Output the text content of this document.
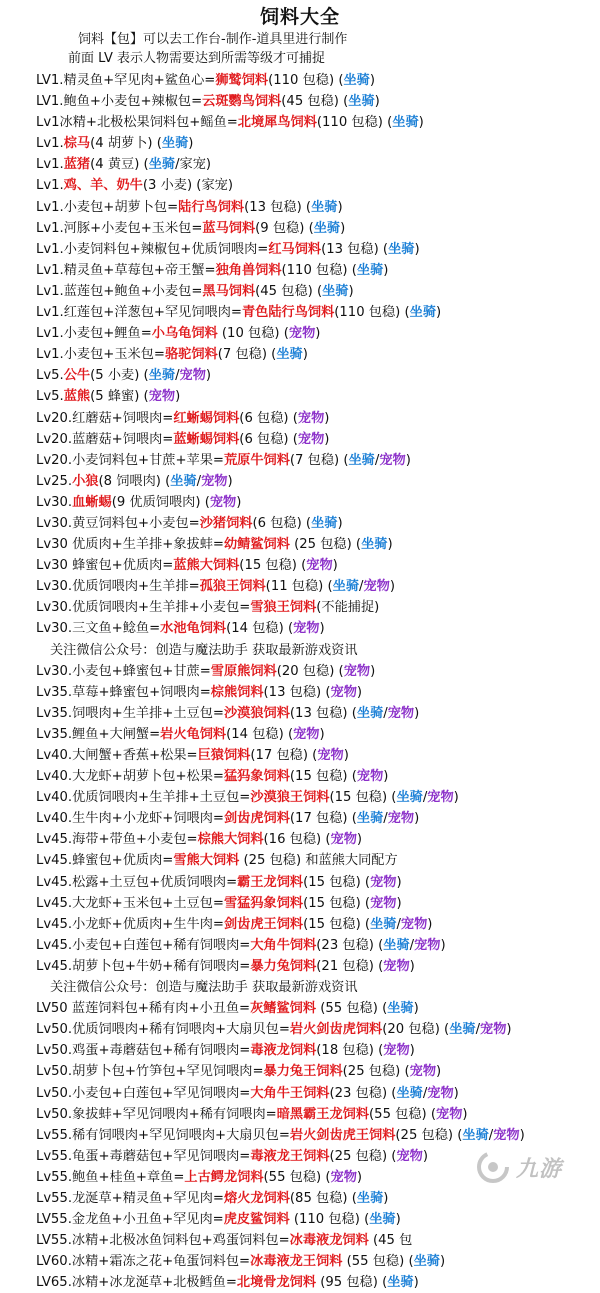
饲料大全
饲料【包】可以去工作台-制作-道具里进行制作
前面 LV 表示人物需要达到所需等级才可捕捉
LV1.精灵鱼+罕见肉+鲨鱼心=狮鹫饲料(110 包稳) (坐骑)
LV1.鲍鱼+小麦包+辣椒包=云斑鹦鸟饲料(45 包稳) (坐骑)
Lv1冰精+北极松果饲料包+鳐鱼=北境犀鸟饲料(110 包稳) (坐骑)
Lv1.棕马(4 胡萝卜) (坐骑)
Lv1.蓝猪(4 黄豆) (坐骑/家宠)
Lv1.鸡、羊、奶牛(3 小麦) (家宠)
Lv1.小麦包+胡萝卜包=陆行鸟饲料(13 包稳) (坐骑)
Lv1.河豚+小麦包+玉米包=蓝马饲料(9 包稳) (坐骑)
Lv1.小麦饲料包+辣椒包+优质饲喂肉=红马饲料(13 包稳) (坐骑)
Lv1.精灵鱼+草莓包+帝王蟹=独角兽饲料(110 包稳) (坐骑)
Lv1.蓝莲包+鲍鱼+小麦包=黑马饲料(45 包稳) (坐骑)
Lv1.红莲包+洋葱包+罕见饲喂肉=青色陆行鸟饲料(110 包稳) (坐骑)
Lv1.小麦包+鲤鱼=小乌龟饲料 (10 包稳) (宠物)
Lv1.小麦包+玉米包=骆驼饲料(7 包稳) (坐骑)
Lv5.公牛(5 小麦) (坐骑/宠物)
Lv5.蓝熊(5 蜂蜜) (宠物)
Lv20.红蘑菇+饲喂肉=红蜥蜴饲料(6 包稳) (宠物)
Lv20.蓝蘑菇+饲喂肉=蓝蜥蜴饲料(6 包稳) (宠物)
Lv20.小麦饲料包+甘蔗+苹果=荒原牛饲料(7 包稳) (坐骑/宠物)
Lv25.小狼(8 饲喂肉) (坐骑/宠物)
Lv30.血蜥蜴(9 优质饲喂肉) (宠物)
Lv30.黄豆饲料包+小麦包=沙猪饲料(6 包稳) (坐骑)
Lv30 优质肉+生羊排+象拔蚌=幼鲭鲨饲料 (25 包稳) (坐骑)
Lv30 蜂蜜包+优质肉=蓝熊大饲料(15 包稳) (宠物)
Lv30.优质饲喂肉+生羊排=孤狼王饲料(11 包稳) (坐骑/宠物)
Lv30.优质饲喂肉+生羊排+小麦包=雪狼王饲料(不能捕捉)
Lv30.三文鱼+鲶鱼=水池龟饲料(14 包稳) (宠物)
关注微信公众号：创造与魔法助手 获取最新游戏资讯
Lv30.小麦包+蜂蜜包+甘蔗=雪原熊饲料(20 包稳) (宠物)
Lv35.草莓+蜂蜜包+饲喂肉=棕熊饲料(13 包稳) (宠物)
Lv35.饲喂肉+生羊排+土豆包=沙漠狼饲料(13 包稳) (坐骑/宠物)
Lv35.鲤鱼+大闸蟹=岩火龟饲料(14 包稳) (宠物)
Lv40.大闸蟹+香蕉+松果=巨猿饲料(17 包稳) (宠物)
Lv40.大龙虾+胡萝卜包+松果=猛犸象饲料(15 包稳) (宠物)
Lv40.优质饲喂肉+生羊排+土豆包=沙漠狼王饲料(15 包稳) (坐骑/宠物)
Lv40.生牛肉+小龙虾+饲喂肉=剑齿虎饲料(17 包稳) (坐骑/宠物)
Lv45.海带+带鱼+小麦包=棕熊大饲料(16 包稳) (宠物)
Lv45.蜂蜜包+优质肉=雪熊大饲料 (25 包稳) 和蓝熊大同配方
Lv45.松露+土豆包+优质饲喂肉=霸王龙饲料(15 包稳) (宠物)
Lv45.大龙虾+玉米包+土豆包=雪猛犸象饲料(15 包稳) (宠物)
Lv45.小龙虾+优质肉+生牛肉=剑齿虎王饲料(15 包稳) (坐骑/宠物)
Lv45.小麦包+白莲包+稀有饲喂肉=大角牛饲料(23 包稳) (坐骑/宠物)
Lv45.胡萝卜包+牛奶+稀有饲喂肉=暴力兔饲料(21 包稳) (宠物)
关注微信公众号：创造与魔法助手 获取最新游戏资讯
LV50 蓝莲饲料包+稀有肉+小丑鱼=灰鳍鲨饲料 (55 包稳) (坐骑)
Lv50.优质饲喂肉+稀有饲喂肉+大扇贝包=岩火剑齿虎饲料(20 包稳) (坐骑/宠物)
Lv50.鸡蛋+毒蘑菇包+稀有饲喂肉=毒液龙饲料(18 包稳) (宠物)
Lv50.胡萝卜包+竹笋包+罕见饲喂肉=暴力兔王饲料(25 包稳) (宠物)
Lv50.小麦包+白莲包+罕见饲喂肉=大角牛王饲料(23 包稳) (坐骑/宠物)
Lv50.象拔蚌+罕见饲喂肉+稀有饲喂肉=暗黑霸王龙饲料(55 包稳) (宠物)
Lv55.稀有饲喂肉+罕见饲喂肉+大扇贝包=岩火剑齿虎王饲料(25 包稳) (坐骑/宠物)
Lv55.龟蛋+毒蘑菇包+罕见饲喂肉=毒液龙王饲料(25 包稳) (宠物)
Lv55.鲍鱼+桂鱼+章鱼=上古鳄龙饲料(55 包稳) (宠物)
Lv55.龙涎草+精灵鱼+罕见肉=熔火龙饲料(85 包稳) (坐骑)
LV55.金龙鱼+小丑鱼+罕见肉=虎皮鲨饲料 (110 包稳) (坐骑)
LV55.冰精+北极冰鱼饲料包+鸡蛋饲料包=冰毒液龙饲料 (45 包
LV60.冰精+霜冻之花+龟蛋饲料包=冰毒液龙王饲料 (55 包稳) (坐骑)
LV65.冰精+冰龙涎草+北极鳕鱼=北境骨龙饲料 (95 包稳) (坐骑)
九游
